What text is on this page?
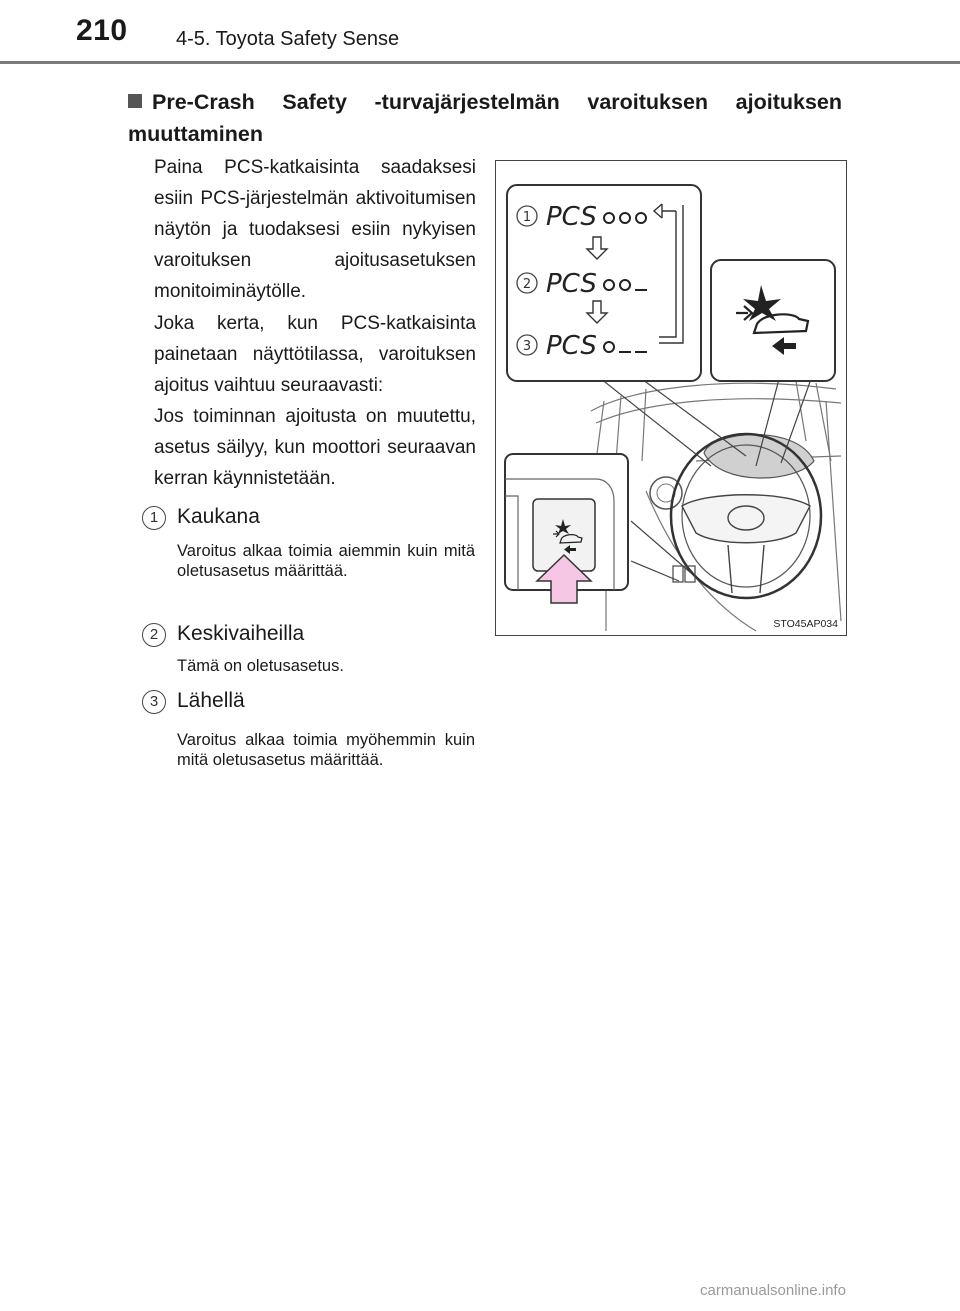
210 4-5. Toyota Safety Sense
Pre-Crash Safety -turvajärjestelmän varoituksen ajoituksen muuttaminen
Paina PCS-katkaisinta saadaksesi esiin PCS-järjestelmän aktivoitumisen näytön ja tuodaksesi esiin nykyisen varoituksen ajoitusasetuksen monitoiminäytölle.
Joka kerta, kun PCS-katkaisinta painetaan näyttötilassa, varoituksen ajoitus vaihtuu seuraavasti:
Jos toiminnan ajoitusta on muutettu, asetus säilyy, kun moottori seuraavan kerran käynnistetään.
1 Kaukana
Varoitus alkaa toimia aiemmin kuin mitä oletusasetus määrittää.
2 Keskivaiheilla
Tämä on oletusasetus.
3 Lähellä
Varoitus alkaa toimia myöhemmin kuin mitä oletusasetus määrittää.
1 PCS
2 PCS
3 PCS
STO45AP034
carmanualsonline.info
